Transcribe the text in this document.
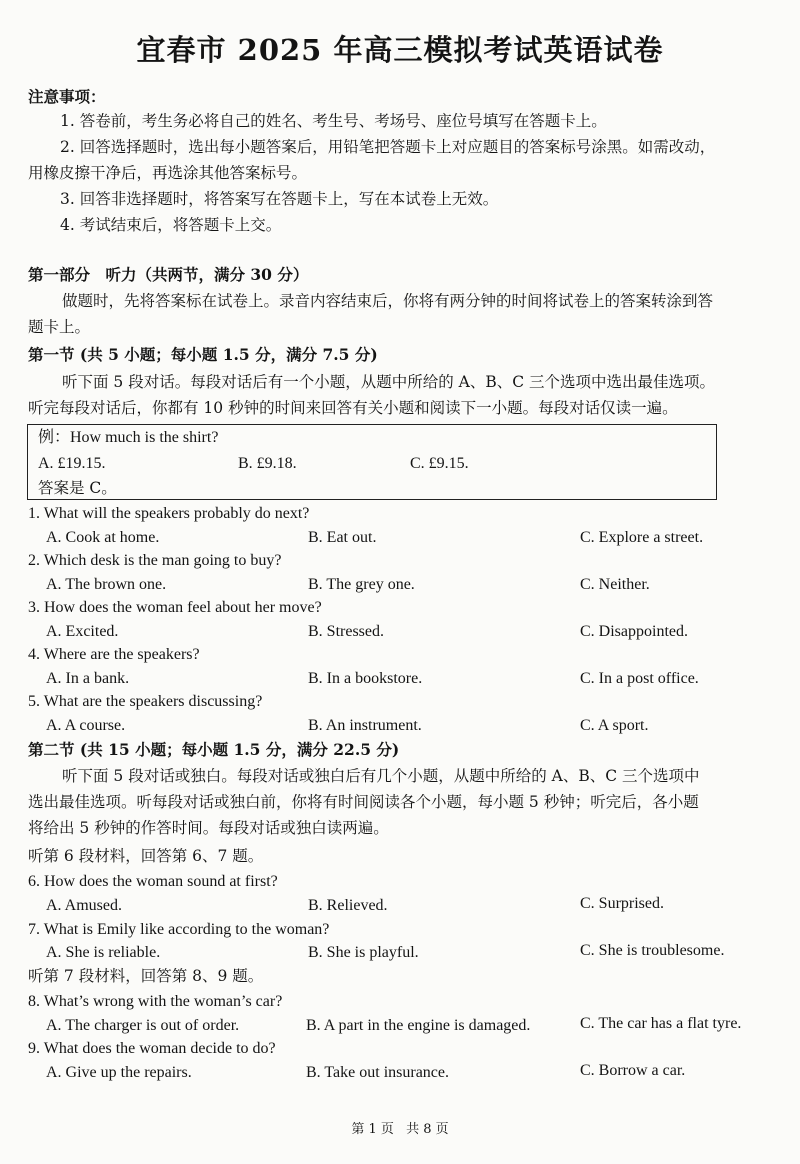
宜春市 2025 年高三模拟考试英语试卷
注意事项：
1. 答卷前，考生务必将自己的姓名、考生号、考场号、座位号填写在答题卡上。
2. 回答选择题时，选出每小题答案后，用铅笔把答题卡上对应题目的答案标号涂黑。如需改动，
用橡皮擦干净后，再选涂其他答案标号。
3. 回答非选择题时，将答案写在答题卡上，写在本试卷上无效。
4. 考试结束后，将答题卡上交。
第一部分　听力（共两节，满分 30 分）
做题时，先将答案标在试卷上。录音内容结束后，你将有两分钟的时间将试卷上的答案转涂到答
题卡上。
第一节 (共 5 小题；每小题 1.5 分，满分 7.5 分)
听下面 5 段对话。每段对话后有一个小题，从题中所给的 A、B、C 三个选项中选出最佳选项。
听完每段对话后，你都有 10 秒钟的时间来回答有关小题和阅读下一小题。每段对话仅读一遍。
例：How much is the shirt?
A. £19.15.	B. £9.18.	C. £9.15.
答案是 C。
1. What will the speakers probably do next?
A. Cook at home.	B. Eat out.	C. Explore a street.
2. Which desk is the man going to buy?
A. The brown one.	B. The grey one.	C. Neither.
3. How does the woman feel about her move?
A. Excited.	B. Stressed.	C. Disappointed.
4. Where are the speakers?
A. In a bank.	B. In a bookstore.	C. In a post office.
5. What are the speakers discussing?
A. A course.	B. An instrument.	C. A sport.
第二节 (共 15 小题；每小题 1.5 分，满分 22.5 分)
听下面 5 段对话或独白。每段对话或独白后有几个小题，从题中所给的 A、B、C 三个选项中
选出最佳选项。听每段对话或独白前，你将有时间阅读各个小题，每小题 5 秒钟；听完后，各小题
将给出 5 秒钟的作答时间。每段对话或独白读两遍。
听第 6 段材料，回答第 6、7 题。
6. How does the woman sound at first?
A. Amused.	B. Relieved.	C. Surprised.
7. What is Emily like according to the woman?
A. She is reliable.	B. She is playful.	C. She is troublesome.
听第 7 段材料，回答第 8、9 题。
8. What’s wrong with the woman’s car?
A. The charger is out of order.	B. A part in the engine is damaged.	C. The car has a flat tyre.
9. What does the woman decide to do?
A. Give up the repairs.	B. Take out insurance.	C. Borrow a car.
第 1 页 共 8 页
